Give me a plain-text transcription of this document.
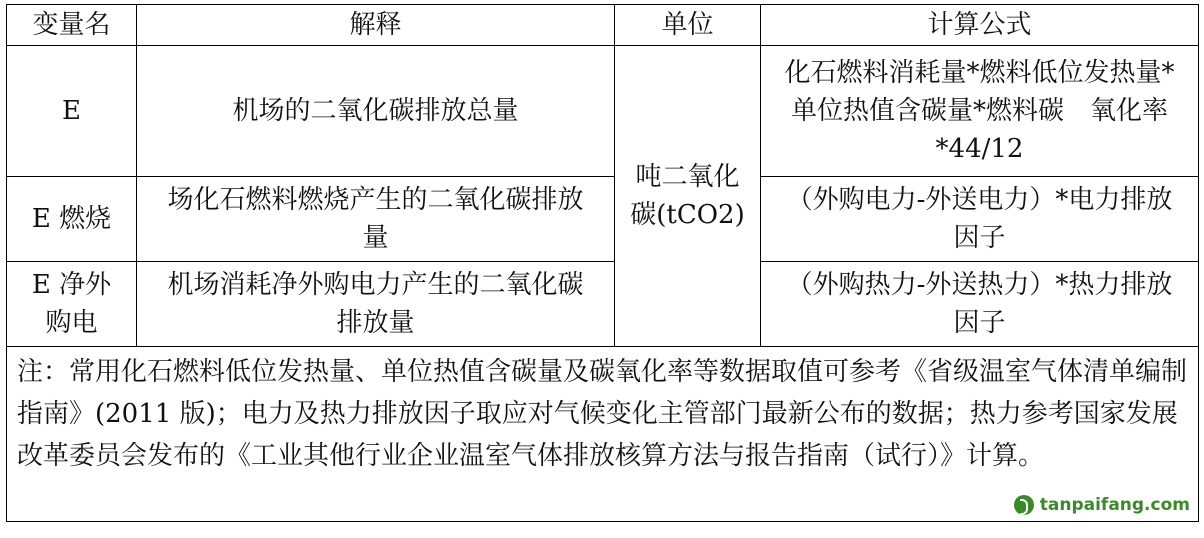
变量名	解释	单位	计算公式
E	机场的二氧化碳排放总量	吨二氧化碳(tCO2)	化石燃料消耗量*燃料低位发热量*单位热值含碳量*燃料碳　氧化率*44/12
E 燃烧	场化石燃料燃烧产生的二氧化碳排放量		（外购电力-外送电力）*电力排放因子
E 净外购电	机场消耗净外购电力产生的二氧化碳排放量		（外购热力-外送热力）*热力排放因子
注：常用化石燃料低位发热量、单位热值含碳量及碳氧化率等数据取值可参考《省级温室气体清单编制指南》(2011 版)；电力及热力排放因子取应对气候变化主管部门最新公布的数据；热力参考国家发展改革委员会发布的《工业其他行业企业温室气体排放核算方法与报告指南（试行）》计算。
tanpaifang.com			
